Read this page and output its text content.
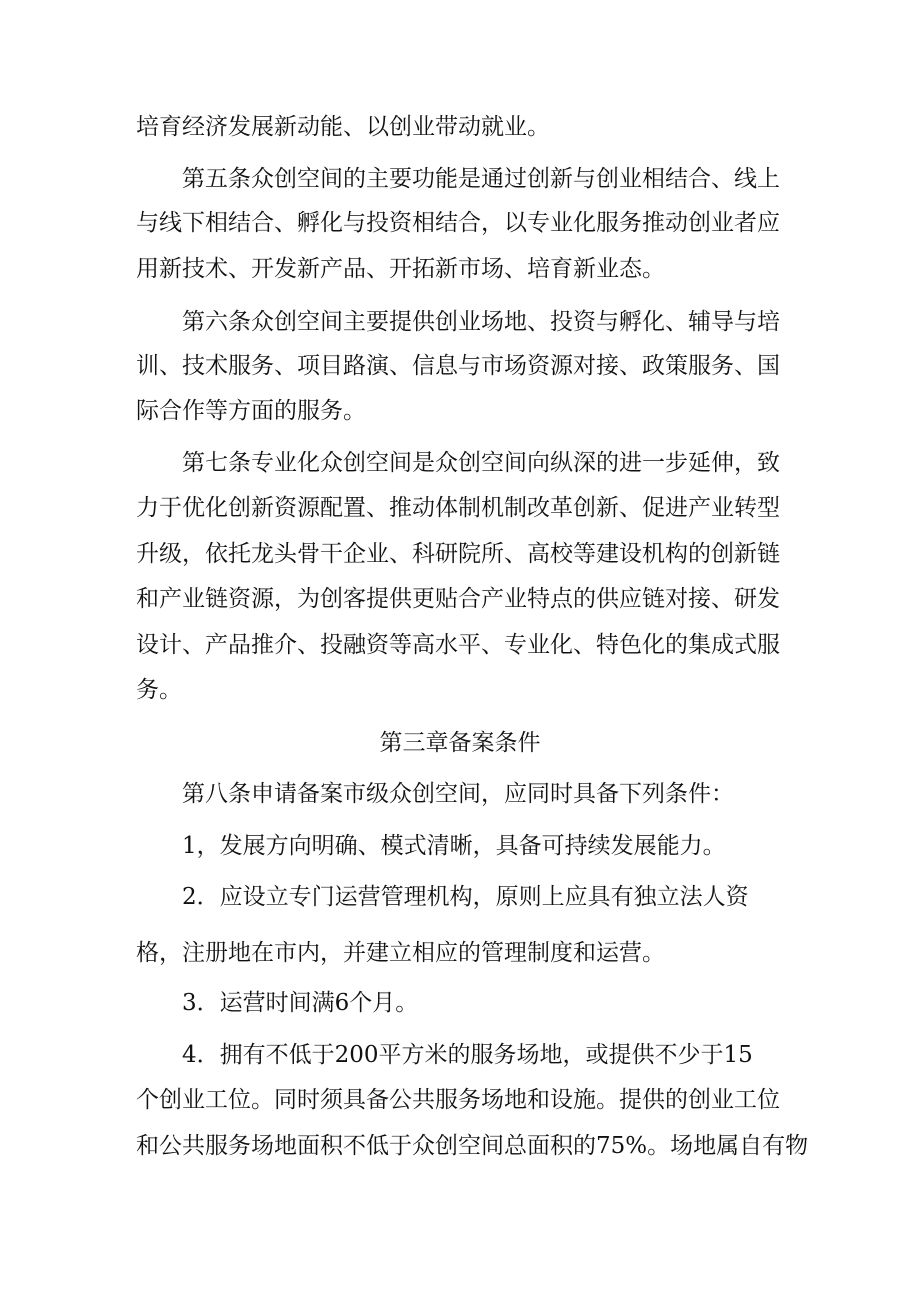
培育经济发展新动能、以创业带动就业。
第五条众创空间的主要功能是通过创新与创业相结合、线上
与线下相结合、孵化与投资相结合，以专业化服务推动创业者应
用新技术、开发新产品、开拓新市场、培育新业态。
第六条众创空间主要提供创业场地、投资与孵化、辅导与培
训、技术服务、项目路演、信息与市场资源对接、政策服务、国
际合作等方面的服务。
第七条专业化众创空间是众创空间向纵深的进一步延伸，致
力于优化创新资源配置、推动体制机制改革创新、促进产业转型
升级，依托龙头骨干企业、科研院所、高校等建设机构的创新链
和产业链资源，为创客提供更贴合产业特点的供应链对接、研发
设计、产品推介、投融资等高水平、专业化、特色化的集成式服
务。
第三章备案条件
第八条申请备案市级众创空间，应同时具备下列条件：
1，发展方向明确、模式清晰，具备可持续发展能力。
2．应设立专门运营管理机构，原则上应具有独立法人资
格，注册地在市内，并建立相应的管理制度和运营。
3．运营时间满6个月。
4．拥有不低于200平方米的服务场地，或提供不少于15
个创业工位。同时须具备公共服务场地和设施。提供的创业工位
和公共服务场地面积不低于众创空间总面积的75%。场地属自有物
